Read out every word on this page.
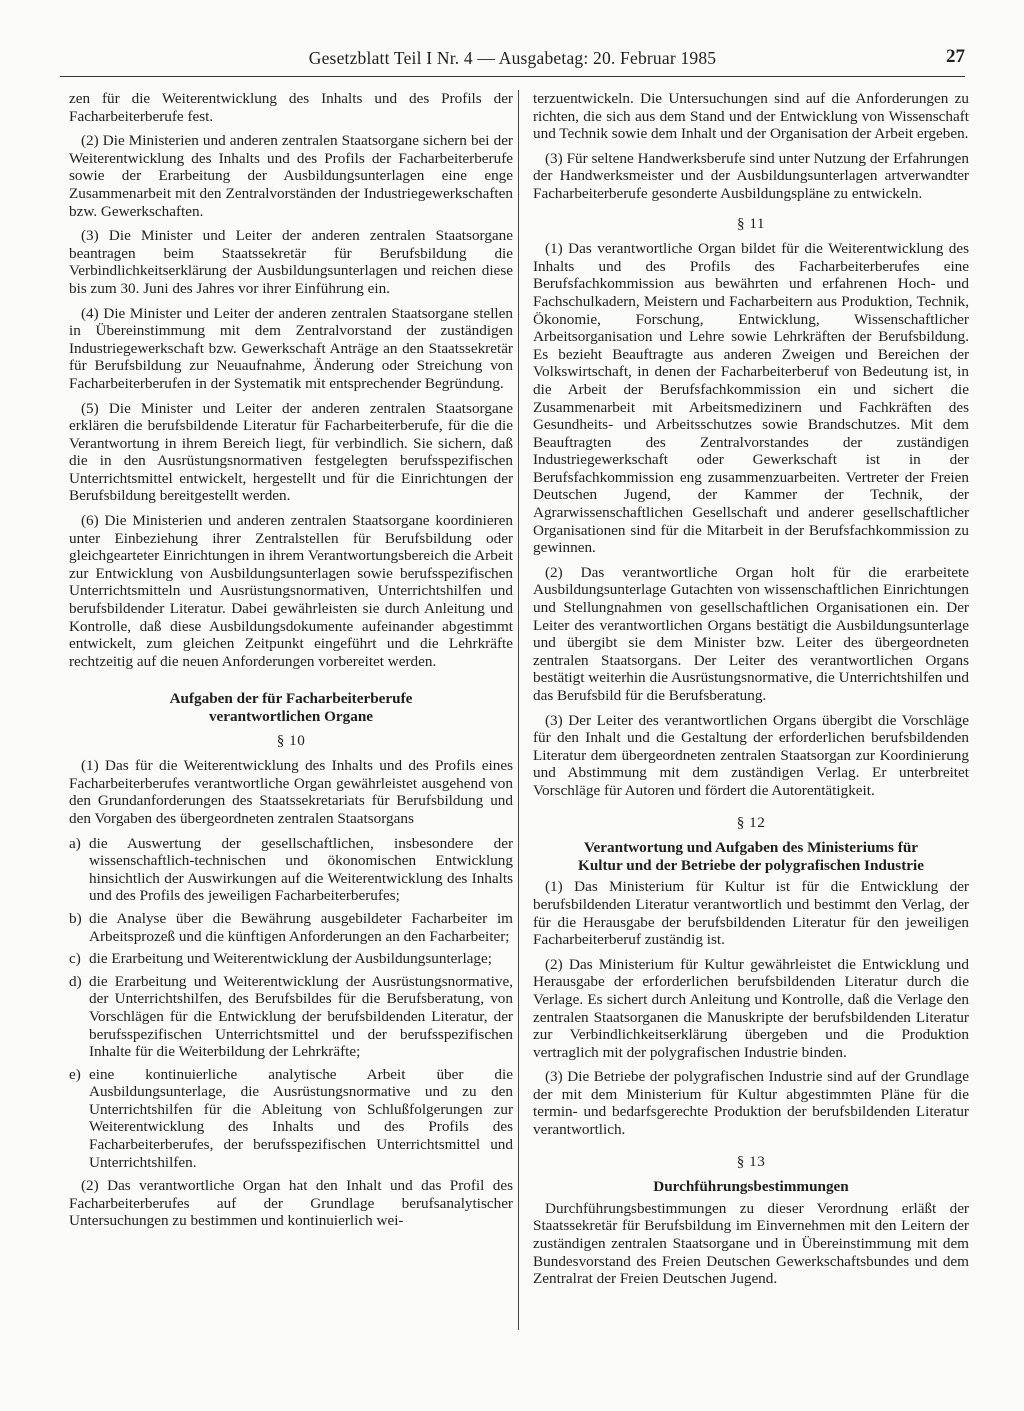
Gesetzblatt Teil I Nr. 4 — Ausgabetag: 20. Februar 1985	27

zen für die Weiterentwicklung des Inhalts und des Profils der Facharbeiterberufe fest.

(2) Die Ministerien und anderen zentralen Staatsorgane sichern bei der Weiterentwicklung des Inhalts und des Profils der Facharbeiterberufe sowie der Erarbeitung der Ausbildungsunterlagen eine enge Zusammenarbeit mit den Zentralvorständen der Industriegewerkschaften bzw. Gewerkschaften.

(3) Die Minister und Leiter der anderen zentralen Staatsorgane beantragen beim Staatssekretär für Berufsbildung die Verbindlichkeitserklärung der Ausbildungsunterlagen und reichen diese bis zum 30. Juni des Jahres vor ihrer Einführung ein.

(4) Die Minister und Leiter der anderen zentralen Staatsorgane stellen in Übereinstimmung mit dem Zentralvorstand der zuständigen Industriegewerkschaft bzw. Gewerkschaft Anträge an den Staatssekretär für Berufsbildung zur Neuaufnahme, Änderung oder Streichung von Facharbeiterberufen in der Systematik mit entsprechender Begründung.

(5) Die Minister und Leiter der anderen zentralen Staatsorgane erklären die berufsbildende Literatur für Facharbeiterberufe, für die die Verantwortung in ihrem Bereich liegt, für verbindlich. Sie sichern, daß die in den Ausrüstungsnormativen festgelegten berufsspezifischen Unterrichtsmittel entwickelt, hergestellt und für die Einrichtungen der Berufsbildung bereitgestellt werden.

(6) Die Ministerien und anderen zentralen Staatsorgane koordinieren unter Einbeziehung ihrer Zentralstellen für Berufsbildung oder gleichgearteter Einrichtungen in ihrem Verantwortungsbereich die Arbeit zur Entwicklung von Ausbildungsunterlagen sowie berufsspezifischen Unterrichtsmitteln und Ausrüstungsnormativen, Unterrichtshilfen und berufsbildender Literatur. Dabei gewährleisten sie durch Anleitung und Kontrolle, daß diese Ausbildungsdokumente aufeinander abgestimmt entwickelt, zum gleichen Zeitpunkt eingeführt und die Lehrkräfte rechtzeitig auf die neuen Anforderungen vorbereitet werden.

Aufgaben der für Facharbeiterberufe
verantwortlichen Organe
§ 10

(1) Das für die Weiterentwicklung des Inhalts und des Profils eines Facharbeiterberufes verantwortliche Organ gewährleistet ausgehend von den Grundanforderungen des Staatssekretariats für Berufsbildung und den Vorgaben des übergeordneten zentralen Staatsorgans

a) die Auswertung der gesellschaftlichen, insbesondere der wissenschaftlich-technischen und ökonomischen Entwicklung hinsichtlich der Auswirkungen auf die Weiterentwicklung des Inhalts und des Profils des jeweiligen Facharbeiterberufes;
b) die Analyse über die Bewährung ausgebildeter Facharbeiter im Arbeitsprozeß und die künftigen Anforderungen an den Facharbeiter;
c) die Erarbeitung und Weiterentwicklung der Ausbildungsunterlage;
d) die Erarbeitung und Weiterentwicklung der Ausrüstungsnormative, der Unterrichtshilfen, des Berufsbildes für die Berufsberatung, von Vorschlägen für die Entwicklung der berufsbildenden Literatur, der berufsspezifischen Unterrichtsmittel und der berufsspezifischen Inhalte für die Weiterbildung der Lehrkräfte;
e) eine kontinuierliche analytische Arbeit über die Ausbildungsunterlage, die Ausrüstungsnormative und zu den Unterrichtshilfen für die Ableitung von Schlußfolgerungen zur Weiterentwicklung des Inhalts und des Profils des Facharbeiterberufes, der berufsspezifischen Unterrichtsmittel und Unterrichtshilfen.

(2) Das verantwortliche Organ hat den Inhalt und das Profil des Facharbeiterberufes auf der Grundlage berufsanalytischer Untersuchungen zu bestimmen und kontinuierlich wei-

terzuentwickeln. Die Untersuchungen sind auf die Anforderungen zu richten, die sich aus dem Stand und der Entwicklung von Wissenschaft und Technik sowie dem Inhalt und der Organisation der Arbeit ergeben.

(3) Für seltene Handwerksberufe sind unter Nutzung der Erfahrungen der Handwerksmeister und der Ausbildungsunterlagen artverwandter Facharbeiterberufe gesonderte Ausbildungspläne zu entwickeln.

§ 11

(1) Das verantwortliche Organ bildet für die Weiterentwicklung des Inhalts und des Profils des Facharbeiterberufes eine Berufsfachkommission aus bewährten und erfahrenen Hoch- und Fachschulkadern, Meistern und Facharbeitern aus Produktion, Technik, Ökonomie, Forschung, Entwicklung, Wissenschaftlicher Arbeitsorganisation und Lehre sowie Lehrkräften der Berufsbildung. Es bezieht Beauftragte aus anderen Zweigen und Bereichen der Volkswirtschaft, in denen der Facharbeiterberuf von Bedeutung ist, in die Arbeit der Berufsfachkommission ein und sichert die Zusammenarbeit mit Arbeitsmedizinern und Fachkräften des Gesundheits- und Arbeitsschutzes sowie Brandschutzes. Mit dem Beauftragten des Zentralvorstandes der zuständigen Industriegewerkschaft oder Gewerkschaft ist in der Berufsfachkommission eng zusammenzuarbeiten. Vertreter der Freien Deutschen Jugend, der Kammer der Technik, der Agrarwissenschaftlichen Gesellschaft und anderer gesellschaftlicher Organisationen sind für die Mitarbeit in der Berufsfachkommission zu gewinnen.

(2) Das verantwortliche Organ holt für die erarbeitete Ausbildungsunterlage Gutachten von wissenschaftlichen Einrichtungen und Stellungnahmen von gesellschaftlichen Organisationen ein. Der Leiter des verantwortlichen Organs bestätigt die Ausbildungsunterlage und übergibt sie dem Minister bzw. Leiter des übergeordneten zentralen Staatsorgans. Der Leiter des verantwortlichen Organs bestätigt weiterhin die Ausrüstungsnormative, die Unterrichtshilfen und das Berufsbild für die Berufsberatung.

(3) Der Leiter des verantwortlichen Organs übergibt die Vorschläge für den Inhalt und die Gestaltung der erforderlichen berufsbildenden Literatur dem übergeordneten zentralen Staatsorgan zur Koordinierung und Abstimmung mit dem zuständigen Verlag. Er unterbreitet Vorschläge für Autoren und fördert die Autorentätigkeit.

§ 12
Verantwortung und Aufgaben des Ministeriums für
Kultur und der Betriebe der polygrafischen Industrie

(1) Das Ministerium für Kultur ist für die Entwicklung der berufsbildenden Literatur verantwortlich und bestimmt den Verlag, der für die Herausgabe der berufsbildenden Literatur für den jeweiligen Facharbeiterberuf zuständig ist.

(2) Das Ministerium für Kultur gewährleistet die Entwicklung und Herausgabe der erforderlichen berufsbildenden Literatur durch die Verlage. Es sichert durch Anleitung und Kontrolle, daß die Verlage den zentralen Staatsorganen die Manuskripte der berufsbildenden Literatur zur Verbindlichkeitserklärung übergeben und die Produktion vertraglich mit der polygrafischen Industrie binden.

(3) Die Betriebe der polygrafischen Industrie sind auf der Grundlage der mit dem Ministerium für Kultur abgestimmten Pläne für die termin- und bedarfsgerechte Produktion der berufsbildenden Literatur verantwortlich.

§ 13
Durchführungsbestimmungen

Durchführungsbestimmungen zu dieser Verordnung erläßt der Staatssekretär für Berufsbildung im Einvernehmen mit den Leitern der zuständigen zentralen Staatsorgane und in Übereinstimmung mit dem Bundesvorstand des Freien Deutschen Gewerkschaftsbundes und dem Zentralrat der Freien Deutschen Jugend.
